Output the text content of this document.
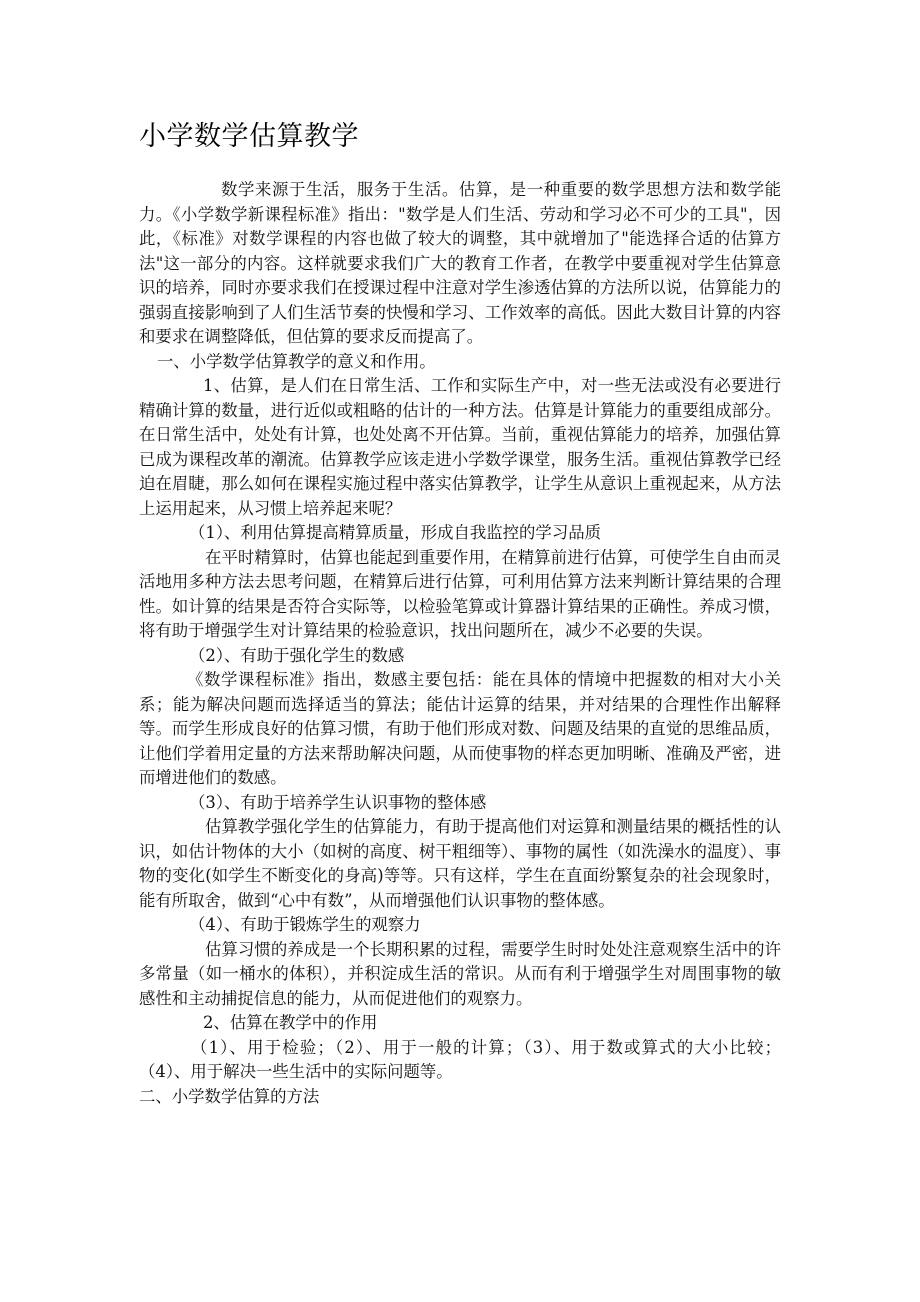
小学数学估算教学

数学来源于生活，服务于生活。估算，是一种重要的数学思想方法和数学能力。《小学数学新课程标准》指出："数学是人们生活、劳动和学习必不可少的工具"，因此，《标准》对数学课程的内容也做了较大的调整，其中就增加了"能选择合适的估算方法"这一部分的内容。这样就要求我们广大的教育工作者，在教学中要重视对学生估算意识的培养，同时亦要求我们在授课过程中注意对学生渗透估算的方法所以说，估算能力的强弱直接影响到了人们生活节奏的快慢和学习、工作效率的高低。因此大数目计算的内容和要求在调整降低，但估算的要求反而提高了。

一、小学数学估算教学的意义和作用。

1、估算，是人们在日常生活、工作和实际生产中，对一些无法或没有必要进行精确计算的数量，进行近似或粗略的估计的一种方法。估算是计算能力的重要组成部分。在日常生活中，处处有计算，也处处离不开估算。当前，重视估算能力的培养，加强估算已成为课程改革的潮流。估算教学应该走进小学数学课堂，服务生活。重视估算教学已经迫在眉睫，那么如何在课程实施过程中落实估算教学，让学生从意识上重视起来，从方法上运用起来，从习惯上培养起来呢？

（1）、利用估算提高精算质量，形成自我监控的学习品质

在平时精算时，估算也能起到重要作用，在精算前进行估算，可使学生自由而灵活地用多种方法去思考问题，在精算后进行估算，可利用估算方法来判断计算结果的合理性。如计算的结果是否符合实际等，以检验笔算或计算器计算结果的正确性。养成习惯，将有助于增强学生对计算结果的检验意识，找出问题所在，减少不必要的失误。

（2）、有助于强化学生的数感

《数学课程标准》指出，数感主要包括：能在具体的情境中把握数的相对大小关系；能为解决问题而选择适当的算法；能估计运算的结果，并对结果的合理性作出解释等。而学生形成良好的估算习惯，有助于他们形成对数、问题及结果的直觉的思维品质，让他们学着用定量的方法来帮助解决问题，从而使事物的样态更加明晰、准确及严密，进而增进他们的数感。

（3）、有助于培养学生认识事物的整体感

估算教学强化学生的估算能力，有助于提高他们对运算和测量结果的概括性的认识，如估计物体的大小（如树的高度、树干粗细等）、事物的属性（如洗澡水的温度）、事物的变化(如学生不断变化的身高)等等。只有这样，学生在直面纷繁复杂的社会现象时，能有所取舍，做到“心中有数”，从而增强他们认识事物的整体感。

（4）、有助于锻炼学生的观察力

估算习惯的养成是一个长期积累的过程，需要学生时时处处注意观察生活中的许多常量（如一桶水的体积），并积淀成生活的常识。从而有利于增强学生对周围事物的敏感性和主动捕捉信息的能力，从而促进他们的观察力。

2、估算在教学中的作用

（1）、用于检验；（2）、用于一般的计算；（3）、用于数或算式的大小比较；（4）、用于解决一些生活中的实际问题等。

二、小学数学估算的方法
